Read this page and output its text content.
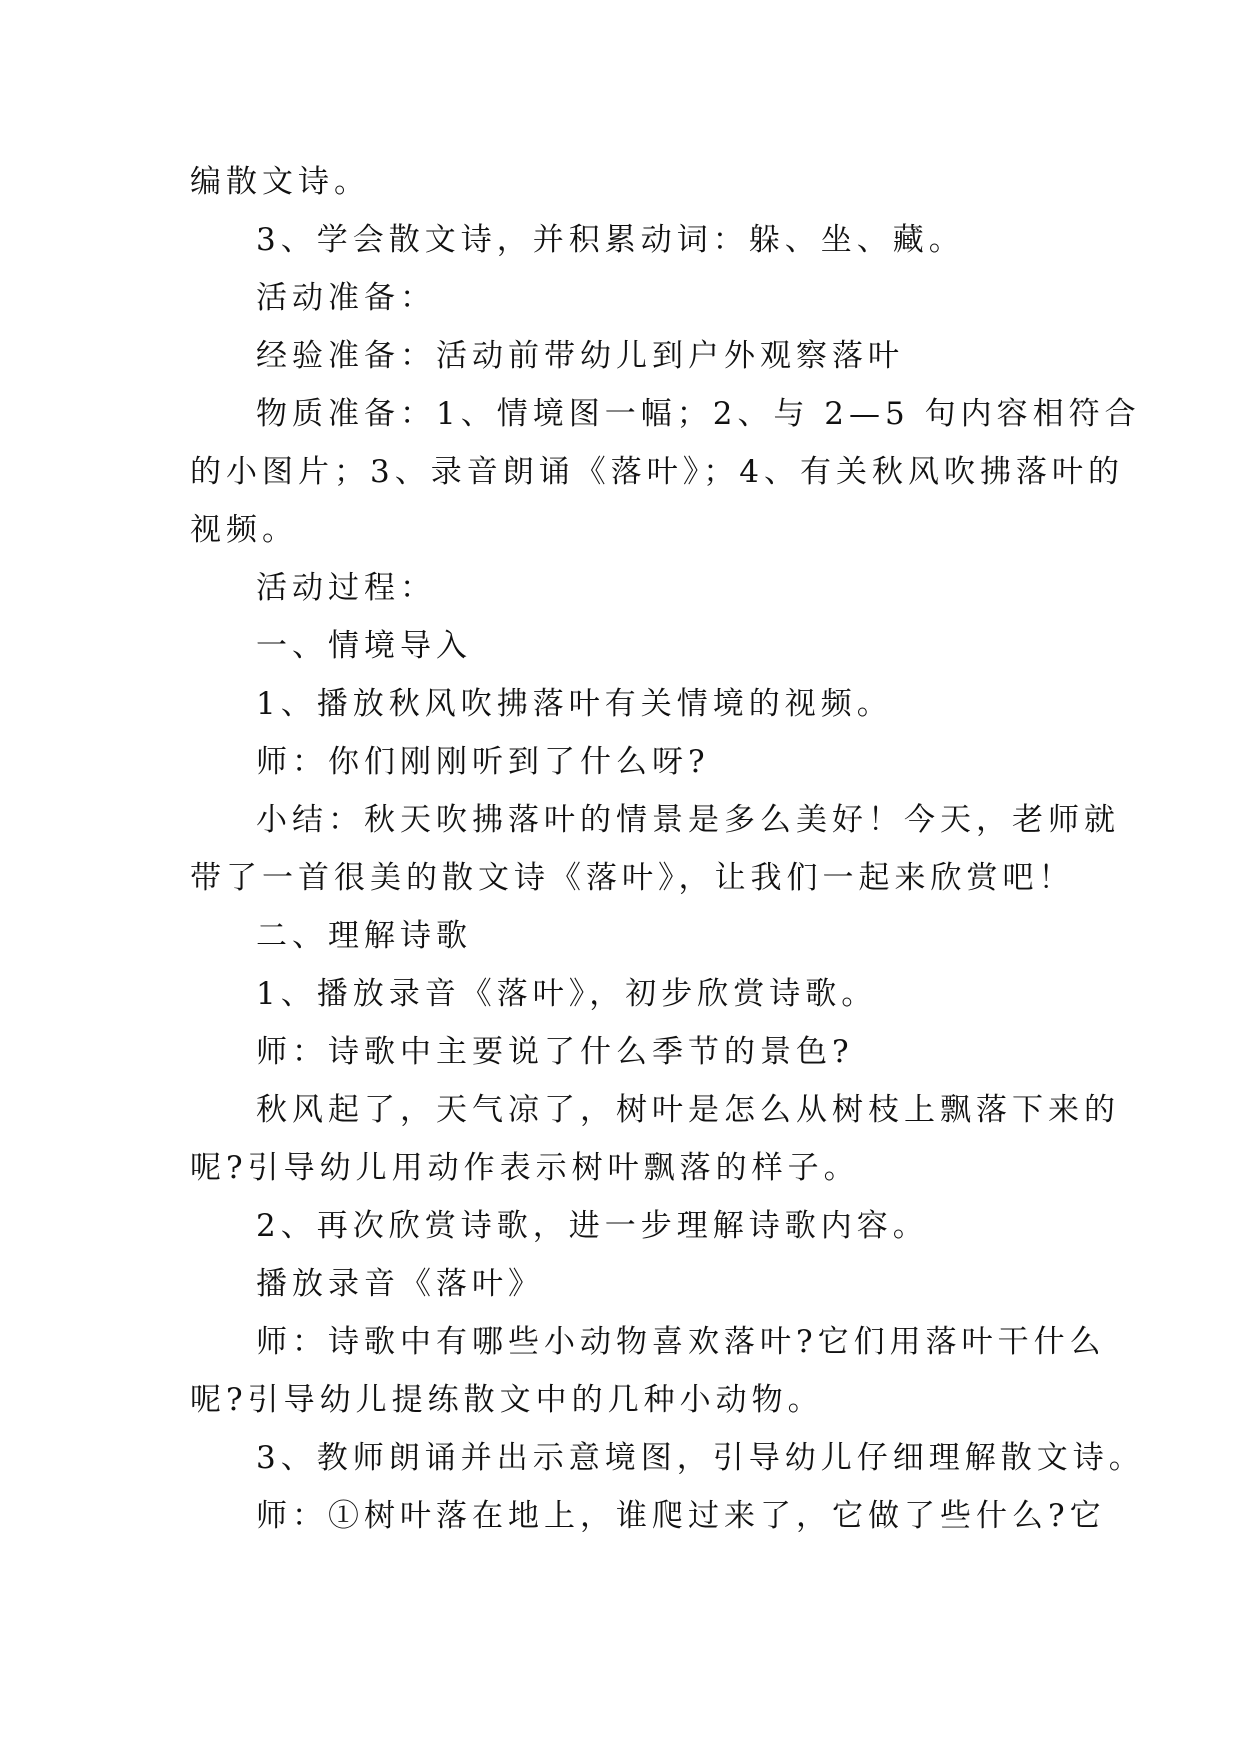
编散文诗。

3、学会散文诗，并积累动词：躲、坐、藏。

活动准备：

经验准备：活动前带幼儿到户外观察落叶

物质准备：1、情境图一幅；2、与 2—5 句内容相符合

的小图片；3、录音朗诵《落叶》；4、有关秋风吹拂落叶的

视频。

活动过程：

一、情境导入

1、播放秋风吹拂落叶有关情境的视频。

师：你们刚刚听到了什么呀?

小结：秋天吹拂落叶的情景是多么美好！今天，老师就

带了一首很美的散文诗《落叶》，让我们一起来欣赏吧！

二、理解诗歌

1、播放录音《落叶》，初步欣赏诗歌。

师：诗歌中主要说了什么季节的景色?

秋风起了，天气凉了，树叶是怎么从树枝上飘落下来的

呢?引导幼儿用动作表示树叶飘落的样子。

2、再次欣赏诗歌，进一步理解诗歌内容。

播放录音《落叶》

师：诗歌中有哪些小动物喜欢落叶?它们用落叶干什么

呢?引导幼儿提练散文中的几种小动物。

3、教师朗诵并出示意境图，引导幼儿仔细理解散文诗。

师：①树叶落在地上，谁爬过来了，它做了些什么?它
